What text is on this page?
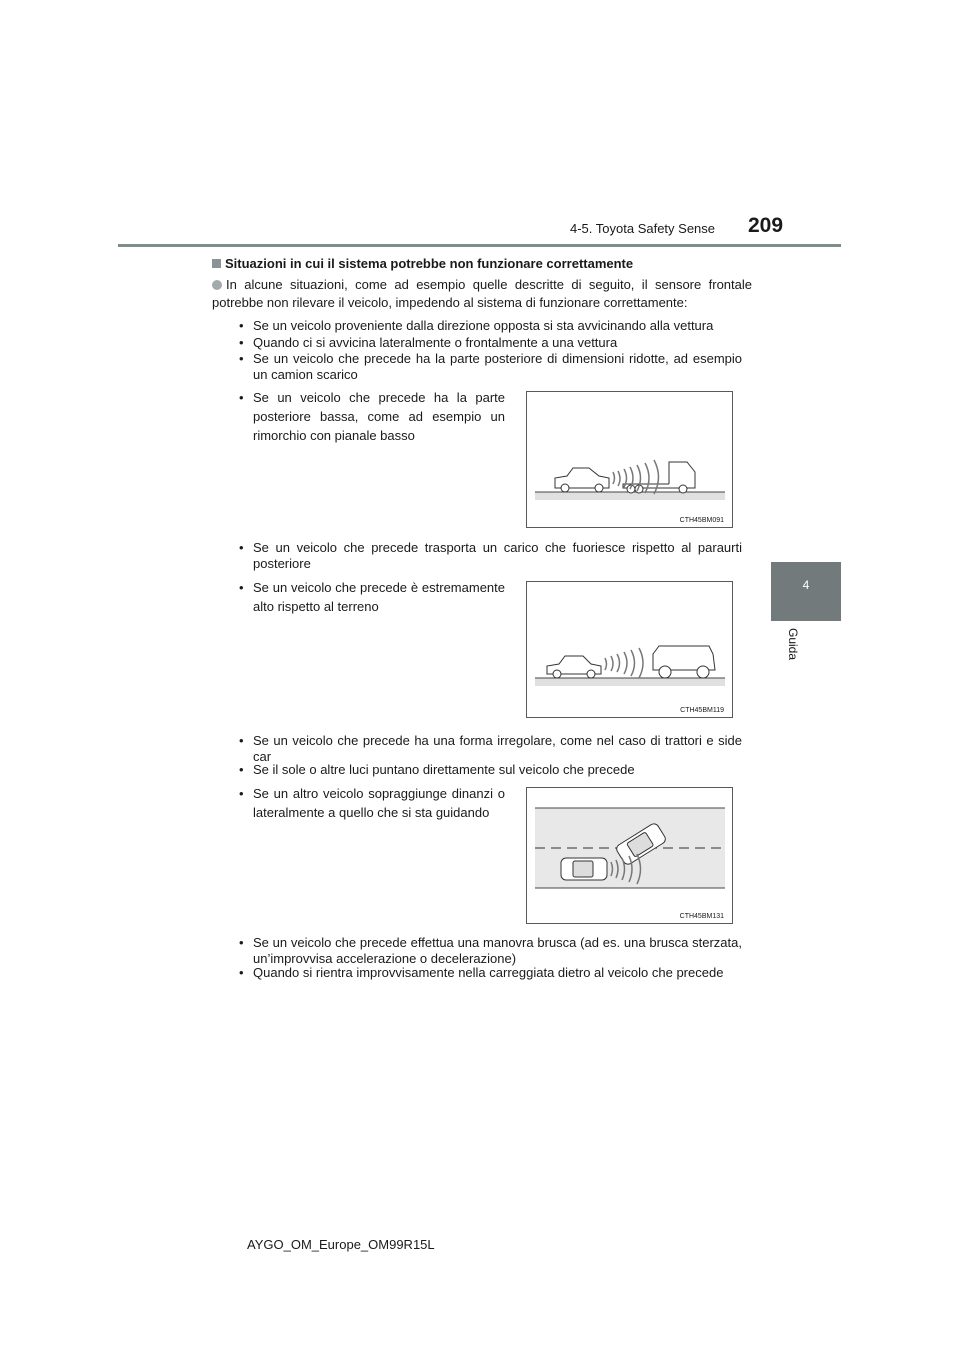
4-5. Toyota Safety Sense 209
4
Guida
Situazioni in cui il sistema potrebbe non funzionare correttamente
In alcune situazioni, come ad esempio quelle descritte di seguito, il sensore frontale potrebbe non rilevare il veicolo, impedendo al sistema di funzionare correttamente:
• Se un veicolo proveniente dalla direzione opposta si sta avvicinando alla vettura
• Quando ci si avvicina lateralmente o frontalmente a una vettura
• Se un veicolo che precede ha la parte posteriore di dimensioni ridotte, ad esempio un camion scarico
• Se un veicolo che precede ha la parte posteriore bassa, come ad esempio un rimorchio con pianale basso
CTH45BM091
• Se un veicolo che precede trasporta un carico che fuoriesce rispetto al paraurti posteriore
• Se un veicolo che precede è estremamente alto rispetto al terreno
CTH45BM119
• Se un veicolo che precede ha una forma irregolare, come nel caso di trattori e side car
• Se il sole o altre luci puntano direttamente sul veicolo che precede
• Se un altro veicolo sopraggiunge dinanzi o lateralmente a quello che si sta guidando
CTH45BM131
• Se un veicolo che precede effettua una manovra brusca (ad es. una brusca sterzata, un’improvvisa accelerazione o decelerazione)
• Quando si rientra improvvisamente nella carreggiata dietro al veicolo che precede
AYGO_OM_Europe_OM99R15L
